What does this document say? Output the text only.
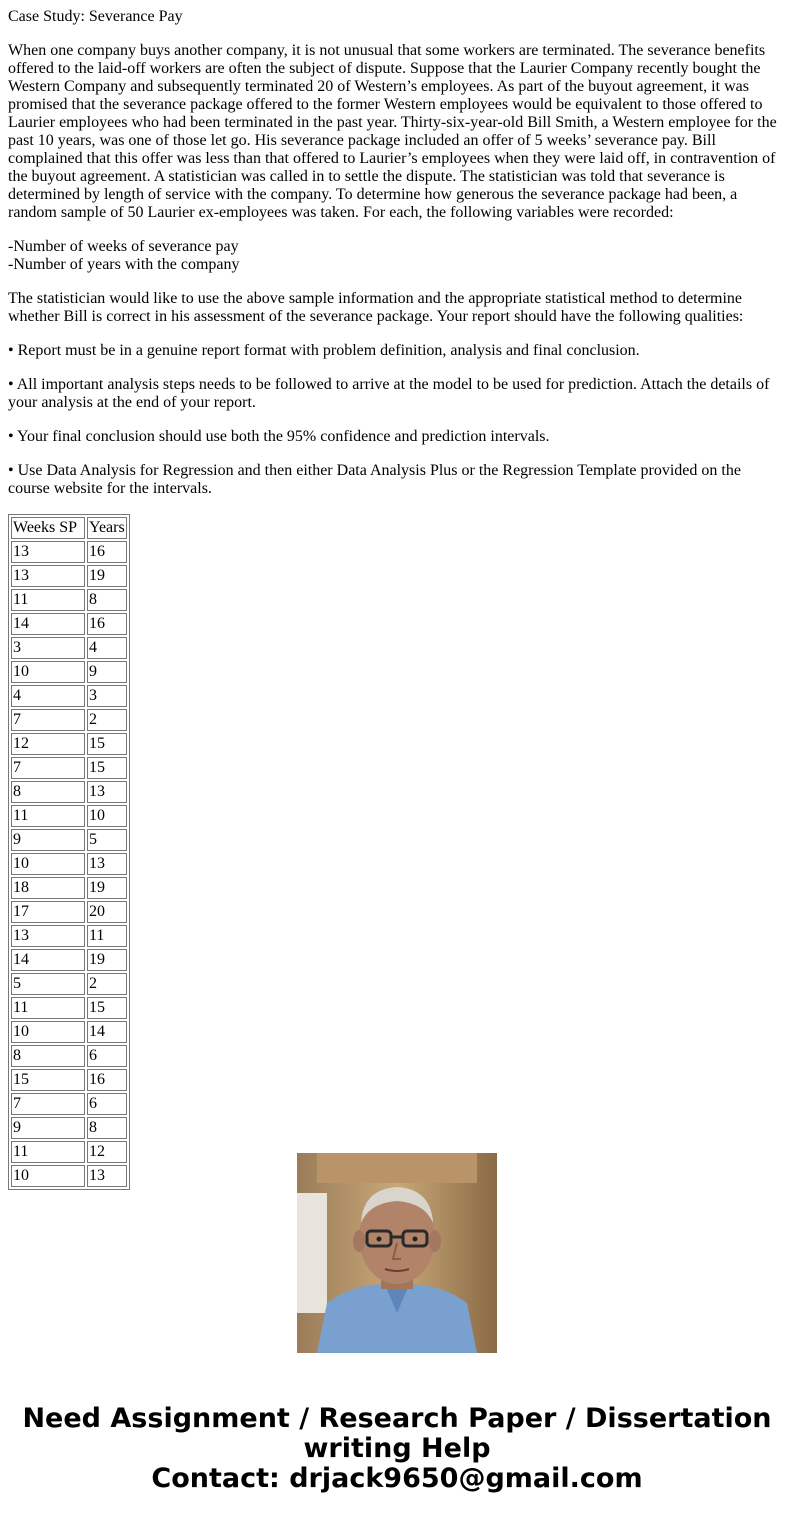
Case Study: Severance Pay

When one company buys another company, it is not unusual that some workers are terminated. The severance benefits offered to the laid-off workers are often the subject of dispute. Suppose that the Laurier Company recently bought the Western Company and subsequently terminated 20 of Western’s employees. As part of the buyout agreement, it was promised that the severance package offered to the former Western employees would be equivalent to those offered to Laurier employees who had been terminated in the past year. Thirty-six-year-old Bill Smith, a Western employee for the past 10 years, was one of those let go. His severance package included an offer of 5 weeks’ severance pay. Bill complained that this offer was less than that offered to Laurier’s employees when they were laid off, in contravention of the buyout agreement. A statistician was called in to settle the dispute. The statistician was told that severance is determined by length of service with the company. To determine how generous the severance package had been, a random sample of 50 Laurier ex-employees was taken. For each, the following variables were recorded:

-Number of weeks of severance pay
-Number of years with the company

The statistician would like to use the above sample information and the appropriate statistical method to determine whether Bill is correct in his assessment of the severance package. Your report should have the following qualities:

• Report must be in a genuine report format with problem definition, analysis and final conclusion.

• All important analysis steps needs to be followed to arrive at the model to be used for prediction. Attach the details of your analysis at the end of your report.

• Your final conclusion should use both the 95% confidence and prediction intervals.

• Use Data Analysis for Regression and then either Data Analysis Plus or the Regression Template provided on the course website for the intervals.

Weeks SP	Years
13	16
13	19
11	8
14	16
3	4
10	9
4	3
7	2
12	15
7	15
8	13
11	10
9	5
10	13
18	19
17	20
13	11
14	19
5	2
11	15
10	14
8	6
15	16
7	6
9	8
11	12
10	13
Need Assignment / Research Paper / Dissertation
writing Help
Contact: drjack9650@gmail.com
